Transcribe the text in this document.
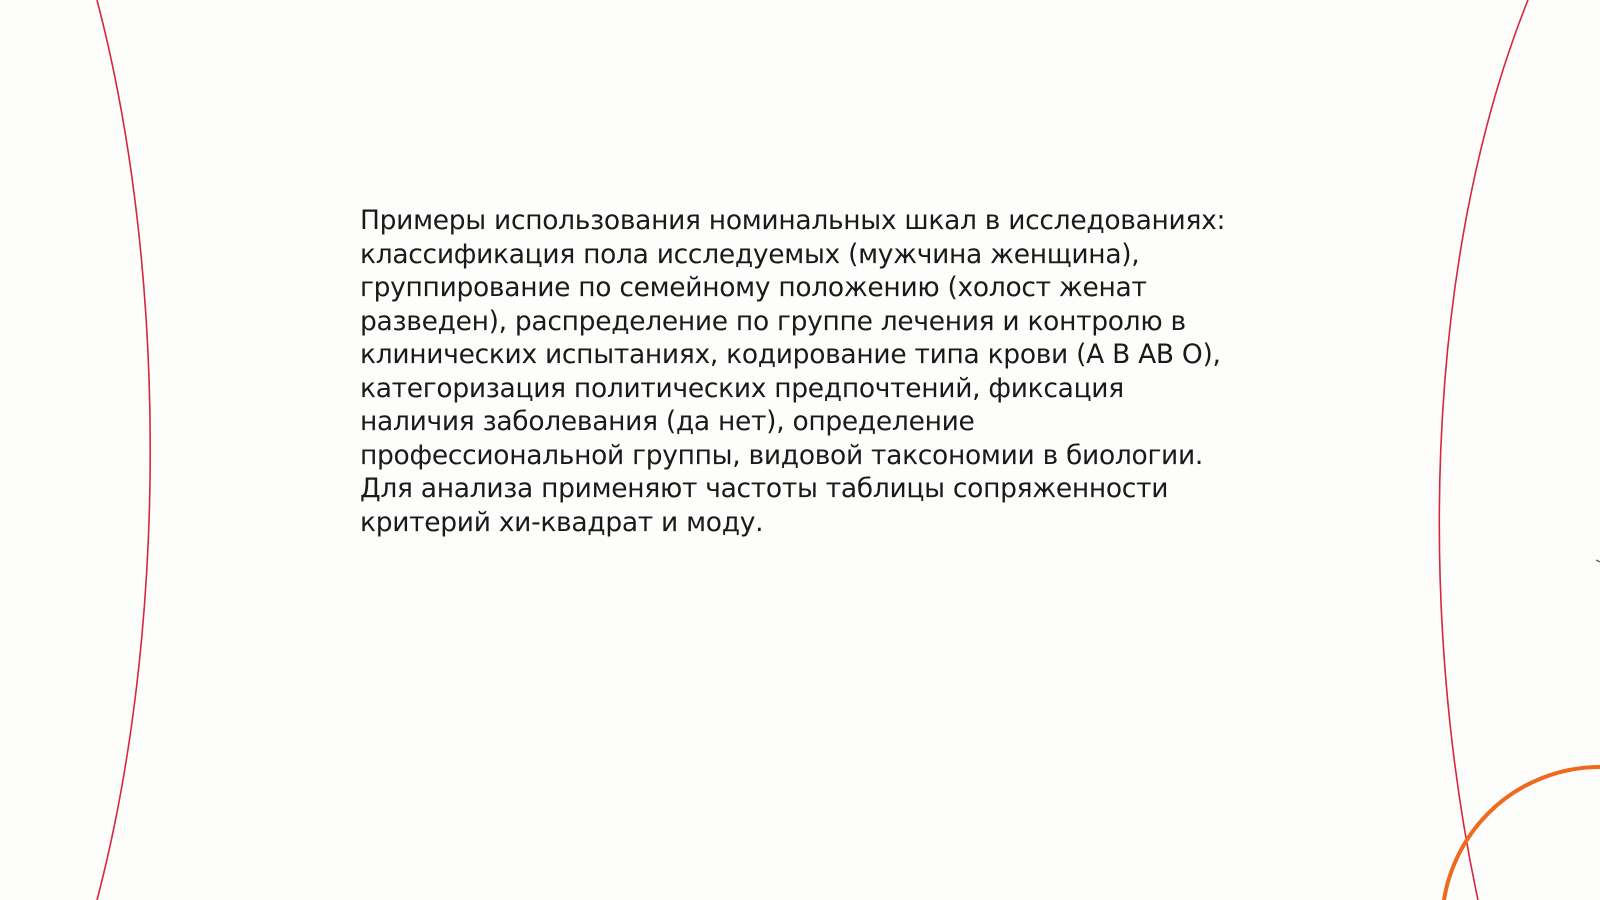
Примеры использования номинальных шкал в исследованиях:
классификация пола исследуемых (мужчина женщина),
группирование по семейному положению (холост женат
разведен), распределение по группе лечения и контролю в
клинических испытаниях, кодирование типа крови (А В АВ О),
категоризация политических предпочтений, фиксация
наличия заболевания (да нет), определение
профессиональной группы, видовой таксономии в биологии.
Для анализа применяют частоты таблицы сопряженности
критерий хи-квадрат и моду.
